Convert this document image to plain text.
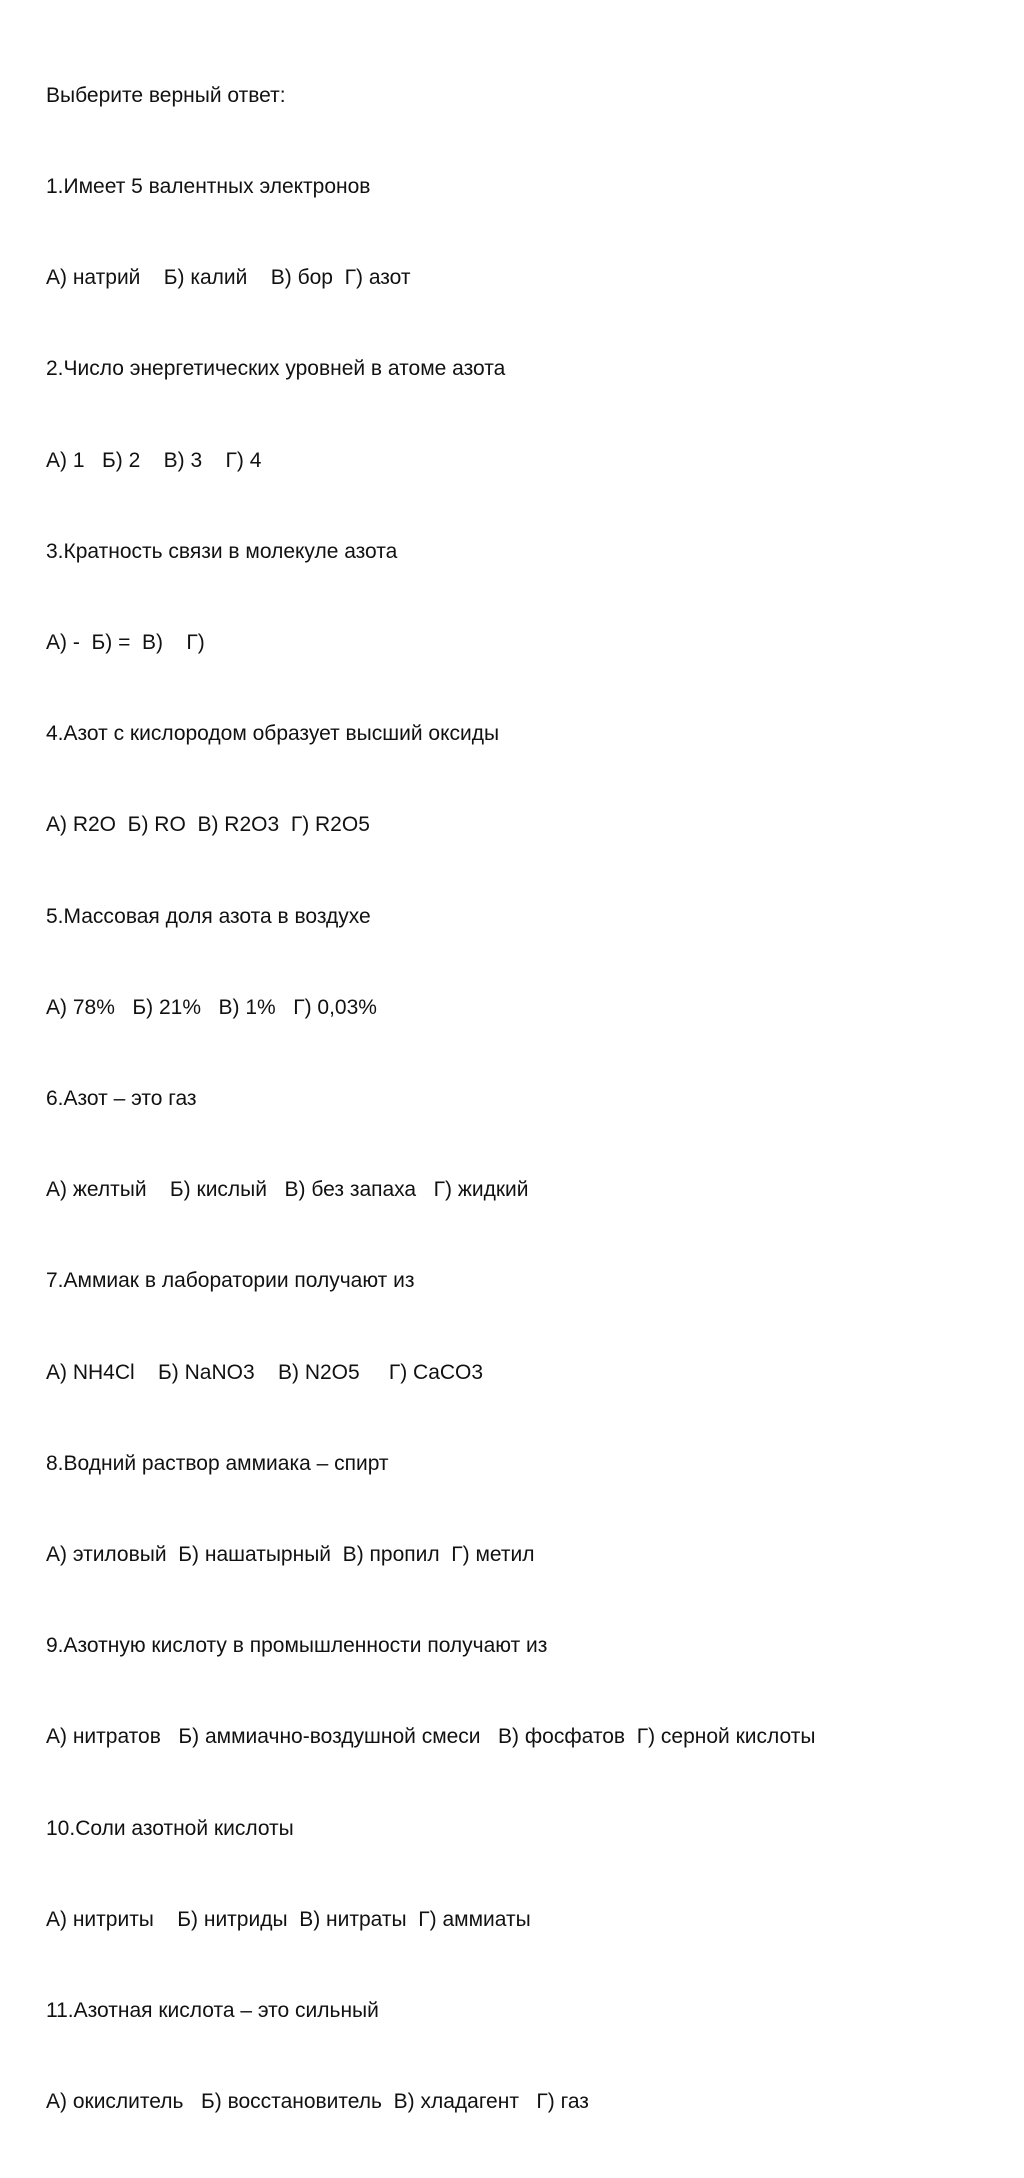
Выберите верный ответ:

1.Имеет 5 валентных электронов

А) натрий    Б) калий    В) бор  Г) азот

2.Число энергетических уровней в атоме азота

А) 1   Б) 2    В) 3    Г) 4

3.Кратность связи в молекуле азота

А) -  Б) =  В)    Г)

4.Азот с кислородом образует высший оксиды

А) R2O  Б) RO  В) R2O3  Г) R2O5

5.Массовая доля азота в воздухе

А) 78%   Б) 21%   В) 1%   Г) 0,03%

6.Азот – это газ

А) желтый    Б) кислый   В) без запаха   Г) жидкий

7.Аммиак в лаборатории получают из

А) NH4Cl    Б) NaNO3    В) N2O5     Г) CaCO3

8.Водний раствор аммиака – спирт

А) этиловый  Б) нашатырный  В) пропил  Г) метил

9.Азотную кислоту в промышленности получают из

А) нитратов   Б) аммиачно-воздушной смеси   В) фосфатов  Г) серной кислоты

10.Соли азотной кислоты

А) нитриты    Б) нитриды  В) нитраты  Г) аммиаты

11.Азотная кислота – это сильный

А) окислитель   Б) восстановитель  В) хладагент   Г) газ
